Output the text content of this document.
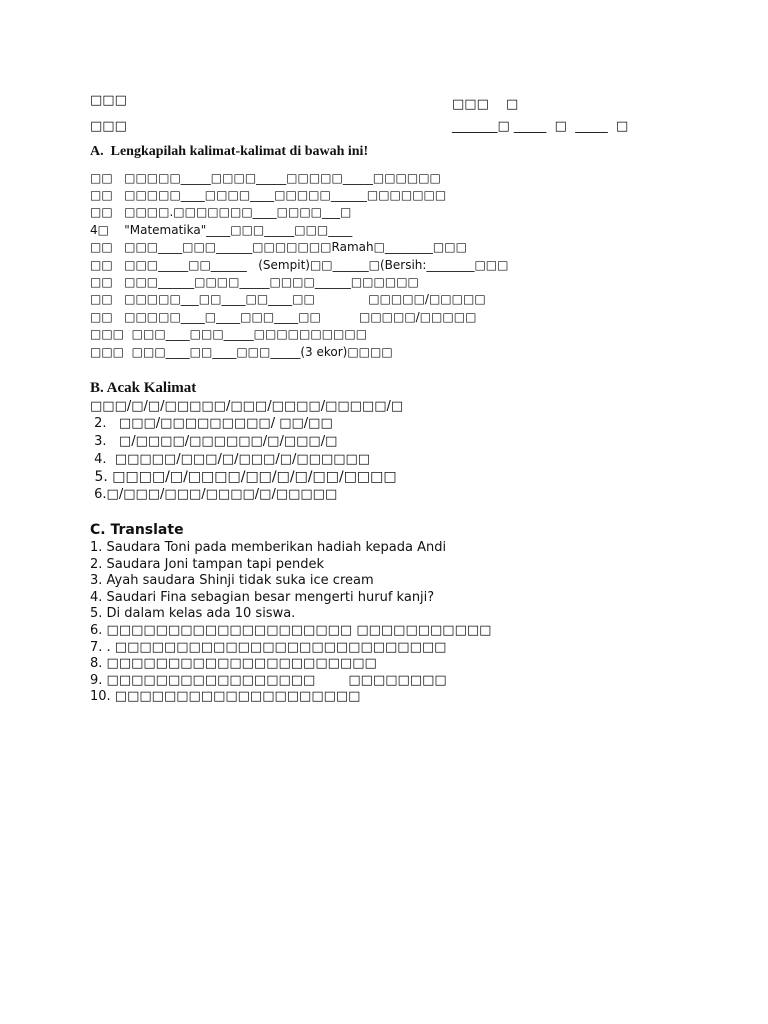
□□□	□□□　 □
□□□	_______□ _____  □  _____  □
A.  Lengkapilah kalimat-kalimat di bawah ini!
□□   □□□□□_____□□□□_____□□□□□_____□□□□□□
□□   □□□□□____□□□□____□□□□□______□□□□□□□
□□   □□□□.□□□□□□□____□□□□___□
4□    "Matematika"____□□□_____□□□____
□□   □□□____□□□______□□□□□□□Ramah□________□□□
□□   □□□_____□□______   (Sempit)□□______□(Bersih:________□□□
□□   □□□______□□□□_____□□□□______□□□□□□
□□   □□□□□___□□____□□____□□              □□□□□/□□□□□
□□   □□□□□____□____□□□____□□          □□□□□/□□□□□
□□□  □□□____□□□_____□□□□□□□□□□
□□□  □□□____□□____□□□_____(3 ekor)□□□□
B. Acak Kalimat
□□□/□/□/□□□□□/□□□/□□□□/□□□□□/□
2.   □□□/□□□□□□□□□/ □□/□□
3.   □/□□□□/□□□□□□/□/□□□/□
4.  □□□□□/□□□/□/□□□/□/□□□□□□
5. □□□□/□/□□□□/□□/□/□/□□/□□□□
6.□/□□□/□□□/□□□□/□/□□□□□
C. Translate
1. Saudara Toni pada memberikan hadiah kepada Andi
2. Saudara Joni tampan tapi pendek
3. Ayah saudara Shinji tidak suka ice cream
4. Saudari Fina sebagian besar mengerti huruf kanji?
5. Di dalam kelas ada 10 siswa.
6. □□□□□□□□□□□□□□□□□□□□ □□□□□□□□□□□
7. . □□□□□□□□□□□□□□□□□□□□□□□□□□□
8. □□□□□□□□□□□□□□□□□□□□□□
9. □□□□□□□□□□□□□□□□□        □□□□□□□□
10. □□□□□□□□□□□□□□□□□□□□
